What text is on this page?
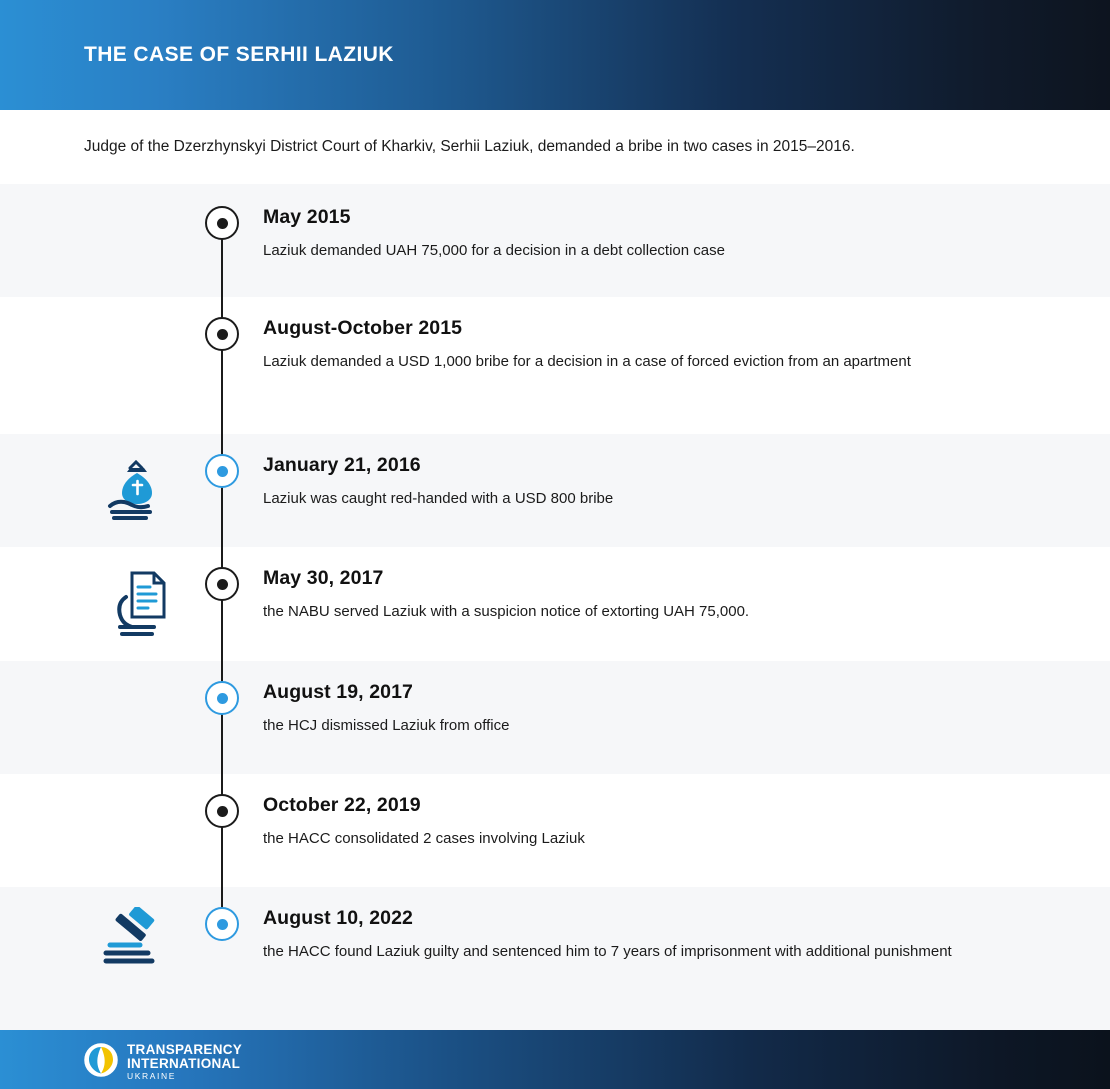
THE CASE OF SERHII LAZIUK
Judge of the Dzerzhynskyi District Court of Kharkiv, Serhii Laziuk, demanded a bribe in two cases in 2015–2016.
May 2015
Laziuk demanded UAH 75,000 for a decision in a debt collection case
August-October 2015
Laziuk demanded a USD 1,000 bribe for a decision in a case of forced eviction from an apartment
January 21, 2016
Laziuk was caught red-handed with a USD 800 bribe
May 30, 2017
the NABU served Laziuk with a suspicion notice of extorting UAH 75,000.
August 19, 2017
the HCJ dismissed Laziuk from office
October 22, 2019
the HACC consolidated 2 cases involving Laziuk
August 10, 2022
the HACC found Laziuk guilty and sentenced him to 7 years of imprisonment with additional punishment
TRANSPARENCY
INTERNATIONAL
UKRAINE
